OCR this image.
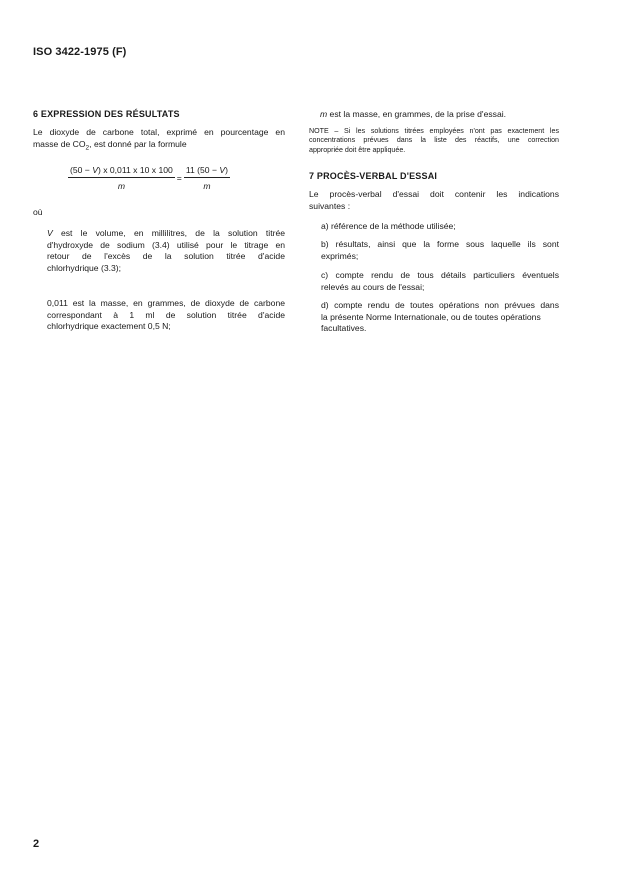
ISO 3422-1975 (F)
6 EXPRESSION DES RÉSULTATS
Le dioxyde de carbone total, exprimé en pourcentage en
masse de $CO_2$, est donné par la formule
$\frac{(50 - V) x 0,011 x 10 x 100}{m} = \frac{11 (50 - V)}{m}$
où
V est le volume, en millilitres, de la solution titrée
d'hydroxyde de sodium (3.4) utilisé pour le titrage en
retour de l'excès de la solution titrée d'acide
chlorhydrique (3.3);
0,011 est la masse, en grammes, de dioxyde de carbone
correspondant à 1 ml de solution titrée d'acide
chlorhydrique exactement 0,5 N;
m est la masse, en grammes, de la prise d'essai.
NOTE – Si les solutions titrées employées n'ont pas exactement les
concentrations prévues dans la liste des réactifs, une correction
appropriée doit être appliquée.
7 PROCÈS-VERBAL D'ESSAI
Le procès-verbal d'essai doit contenir les indications
suivantes :
a) référence de la méthode utilisée;
b) résultats, ainsi que la forme sous laquelle ils sont
exprimés;
c) compte rendu de tous détails particuliers éventuels
relevés au cours de l'essai;
d) compte rendu de toutes opérations non prévues dans
la présente Norme Internationale, ou de toutes opérations
facultatives.
2
